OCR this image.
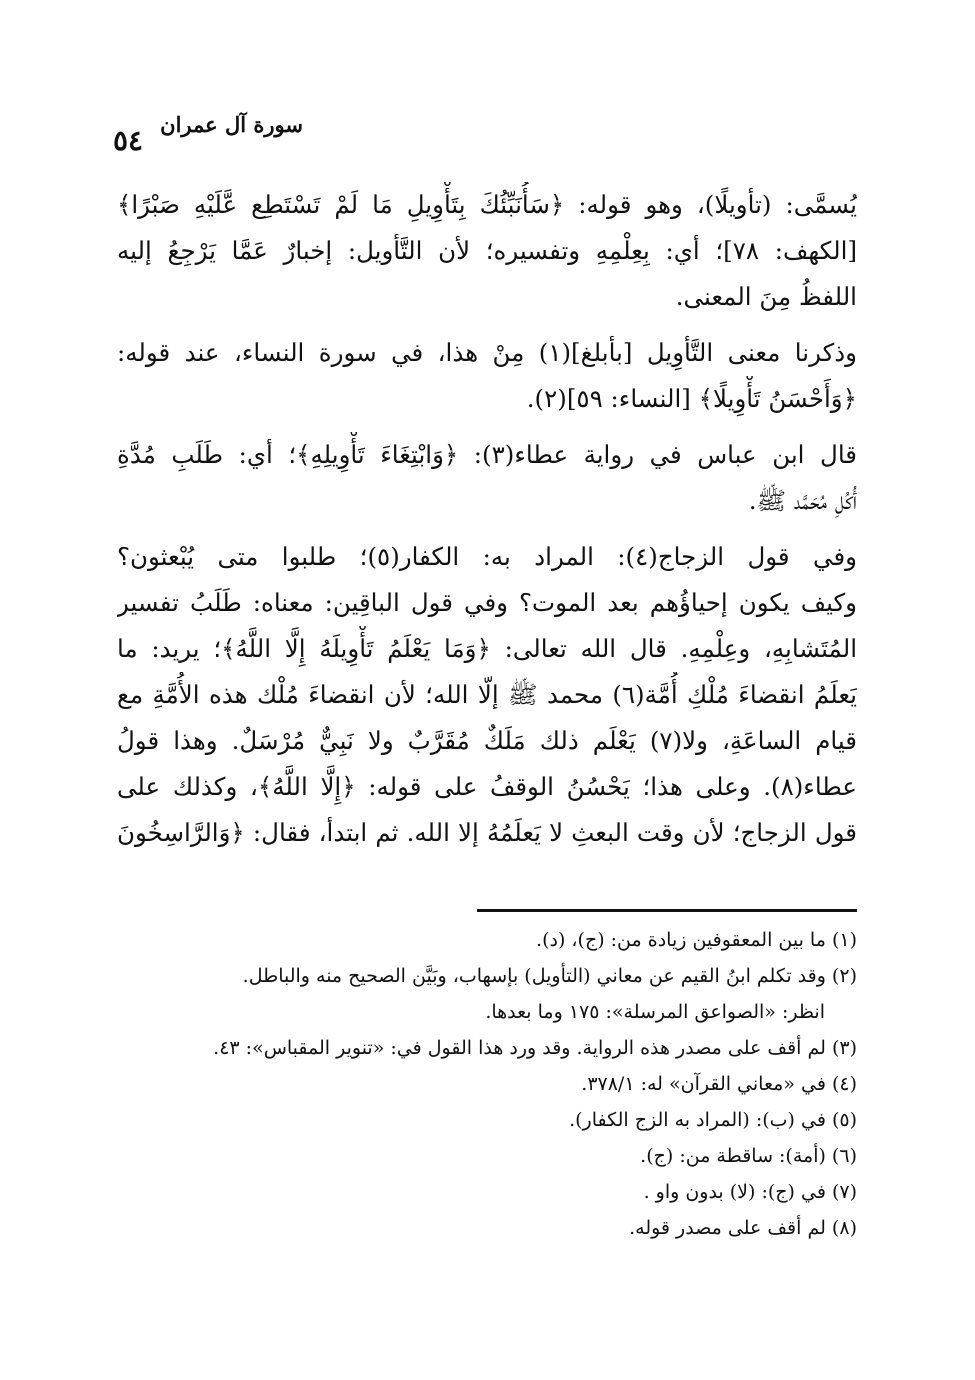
سورة آل عمران
٥٤
يُسمَّى: (تأويلًا)، وهو قوله: ﴿سَأُنَبِّئُكَ بِتَأْوِيلِ مَا لَمْ تَسْتَطِع عَّلَيْهِ صَبْرًا﴾
[الكهف: ٧٨]؛ أي: بِعِلْمِهِ وتفسيره؛ لأن التَّأويل: إخبارٌ عَمَّا يَرْجِعُ إليه
اللفظُ مِنَ المعنى.
وذكرنا معنى التَّأوِيل [بأبلغ](١) مِنْ هذا، في سورة النساء، عند قوله:
﴿وَأَحْسَنُ تَأْوِيلًا﴾ [النساء: ٥٩](٢).
قال ابن عباس في رواية عطاء(٣): ﴿وَابْتِغَاءَ تَأْوِيلِهِ﴾؛ أي: طَلَبِ مُدَّةِ
أُكُلِ مُحَمَّد ﷺ.
وفي قول الزجاج(٤): المراد به: الكفار(٥)؛ طلبوا متى يُبْعثون؟
وكيف يكون إحياؤُهم بعد الموت؟ وفي قول الباقِين: معناه: طَلَبُ تفسير
المُتَشابِهِ، وعِلْمِهِ. قال الله تعالى: ﴿وَمَا يَعْلَمُ تَأْوِيلَهُ إِلَّا اللَّهُ﴾؛ يريد: ما
يَعلَمُ انقضاءَ مُلْكِ أُمَّة(٦) محمد ﷺ إلّا الله؛ لأن انقضاءَ مُلْك هذه الأُمَّةِ مع
قيام الساعَةِ، ولا(٧) يَعْلَم ذلك مَلَكٌ مُقَرَّبٌ ولا نَبِيٌّ مُرْسَلٌ. وهذا قولُ
عطاء(٨). وعلى هذا؛ يَحْسُنُ الوقفُ على قوله: ﴿إِلَّا اللَّهُ﴾، وكذلك على
قول الزجاج؛ لأن وقت البعثِ لا يَعلَمُهُ إلا الله. ثم ابتدأ، فقال: ﴿وَالرَّاسِخُونَ
(١) ما بين المعقوفين زيادة من: (ج)، (د).
(٢) وقد تكلم ابنُ القيم عن معاني (التأويل) بإسهاب، وبَيَّن الصحيح منه والباطل.
انظر: «الصواعق المرسلة»: ١٧٥ وما بعدها.
(٣) لم أقف على مصدر هذه الرواية. وقد ورد هذا القول في: «تنوير المقباس»: ٤٣.
(٤) في «معاني القرآن» له: ٣٧٨/١.
(٥) في (ب): (المراد به الزج الكفار).
(٦) (أمة): ساقطة من: (ج).
(٧) في (ج): (لا) بدون واو .
(٨) لم أقف على مصدر قوله.
